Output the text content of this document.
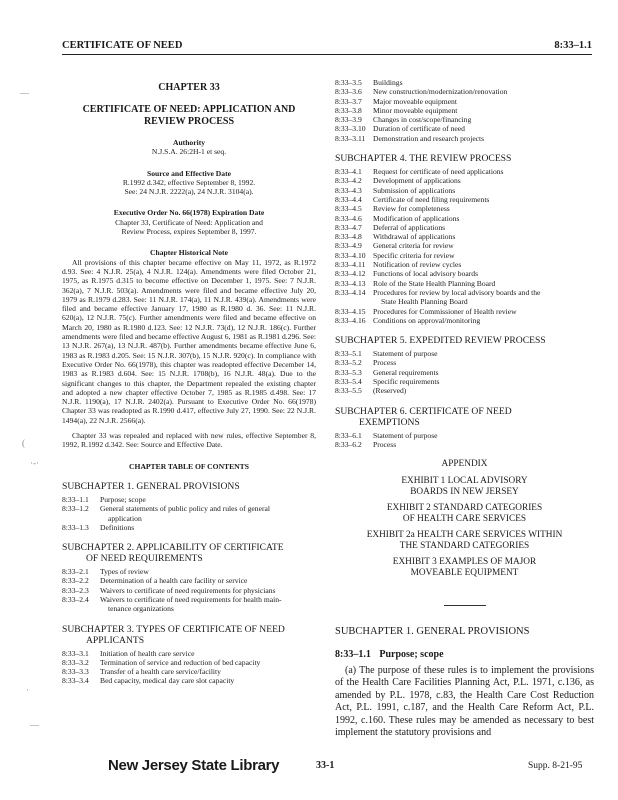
CERTIFICATE OF NEED	8:33–1.1
—
(
·-·
·
—
CHAPTER 33
CERTIFICATE OF NEED: APPLICATION AND REVIEW PROCESS
Authority
N.J.S.A. 26:2H-1 et seq.
Source and Effective Date
R.1992 d.342, effective September 8, 1992.
See: 24 N.J.R. 2222(a), 24 N.J.R. 3104(a).
Executive Order No. 66(1978) Expiration Date
Chapter 33, Certificate of Need: Application and
Review Process, expires September 8, 1997.
Chapter Historical Note
All provisions of this chapter became effective on May 11, 1972, as R.1972 d.93. See: 4 N.J.R. 25(a), 4 N.J.R. 124(a). Amendments were filed October 21, 1975, as R.1975 d.315 to become effective on December 1, 1975. See: 7 N.J.R. 362(a), 7 N.J.R. 503(a). Amendments were filed and became effective July 20, 1979 as R.1979 d.283. See: 11 N.J.R. 174(a), 11 N.J.R. 439(a). Amendments were filed and became effective January 17, 1980 as R.1980 d. 36. See: 11 N.J.R. 620(a), 12 N.J.R. 75(c). Further amendments were filed and became effective on March 20, 1980 as R.1980 d.123. See: 12 N.J.R. 73(d), 12 N.J.R. 186(c). Further amendments were filed and became effective August 6, 1981 as R.1981 d.296. See: 13 N.J.R. 267(a), 13 N.J.R. 487(b). Further amendments became effective June 6, 1983 as R.1983 d.205. See: 15 N.J.R. 307(b), 15 N.J.R. 920(c). In compliance with Executive Order No. 66(1978), this chapter was readopted effective December 14, 1983 as R.1983 d.604. See: 15 N.J.R. 1708(b), 16 N.J.R. 48(a). Due to the significant changes to this chapter, the Department repealed the existing chapter and adopted a new chapter effective October 7, 1985 as R.1985 d.498. See: 17 N.J.R. 1190(a), 17 N.J.R. 2402(a). Pursuant to Executive Order No. 66(1978) Chapter 33 was readopted as R.1990 d.417, effective July 27, 1990. See: 22 N.J.R. 1494(a), 22 N.J.R. 2566(a).
Chapter 33 was repealed and replaced with new rules, effective September 8, 1992, R.1992 d.342. See: Source and Effective Date.
CHAPTER TABLE OF CONTENTS
SUBCHAPTER 1. GENERAL PROVISIONS
8:33–1.1	Purpose; scope
8:33–1.2	General statements of public policy and rules of general
application
8:33–1.3	Definitions
SUBCHAPTER 2. APPLICABILITY OF CERTIFICATE
OF NEED REQUIREMENTS
8:33–2.1	Types of review
8:33–2.2	Determination of a health care facility or service
8:33–2.3	Waivers to certificate of need requirements for physicians
8:33–2.4	Waivers to certificate of need requirements for health main-
tenance organizations
SUBCHAPTER 3. TYPES OF CERTIFICATE OF NEED
APPLICANTS
8:33–3.1	Initiation of health care service
8:33–3.2	Termination of service and reduction of bed capacity
8:33–3.3	Transfer of a health care service/facility
8:33–3.4	Bed capacity, medical day care slot capacity
8:33–3.5	Buildings
8:33–3.6	New construction/modernization/renovation
8:33–3.7	Major moveable equipment
8:33–3.8	Minor moveable equipment
8:33–3.9	Changes in cost/scope/financing
8:33–3.10 Duration of certificate of need
8:33–3.11	Demonstration and research projects
SUBCHAPTER 4. THE REVIEW PROCESS
8:33–4.1	Request for certificate of need applications
8:33–4.2	Development of applications
8:33–4.3	Submission of applications
8:33–4.4	Certificate of need filing requirements
8:33–4.5	Review for completeness
8:33–4.6	Modification of applications
8:33–4.7	Deferral of applications
8:33–4.8	Withdrawal of applications
8:33–4.9	General criteria for review
8:33–4.10 Specific criteria for review
8:33–4.11	Notification of review cycles
8:33–4.12 Functions of local advisory boards
8:33–4.13 Role of the State Health Planning Board
8:33–4.14 Procedures for review by local advisory boards and the
State Health Planning Board
8:33–4.15 Procedures for Commissioner of Health review
8:33–4.16 Conditions on approval/monitoring
SUBCHAPTER 5. EXPEDITED REVIEW PROCESS
8:33–5.1	Statement of purpose
8:33–5.2	Process
8:33–5.3	General requirements
8:33–5.4	Specific requirements
8:33–5.5	(Reserved)
SUBCHAPTER 6. CERTIFICATE OF NEED
EXEMPTIONS
8:33–6.1	Statement of purpose
8:33–6.2	Process
APPENDIX
EXHIBIT 1 LOCAL ADVISORY
BOARDS IN NEW JERSEY
EXHIBIT 2 STANDARD CATEGORIES
OF HEALTH CARE SERVICES
EXHIBIT 2a HEALTH CARE SERVICES WITHIN
THE STANDARD CATEGORIES
EXHIBIT 3 EXAMPLES OF MAJOR
MOVEABLE EQUIPMENT
SUBCHAPTER 1. GENERAL PROVISIONS
8:33–1.1 Purpose; scope
(a) The purpose of these rules is to implement the provisions of the Health Care Facilities Planning Act, P.L. 1971, c.136, as amended by P.L. 1978, c.83, the Health Care Cost Reduction Act, P.L. 1991, c.187, and the Health Care Reform Act, P.L. 1992, c.160. These rules may be amended as necessary to best implement the statutory provisions and
New Jersey State Library	33-1	Supp. 8-21-95
